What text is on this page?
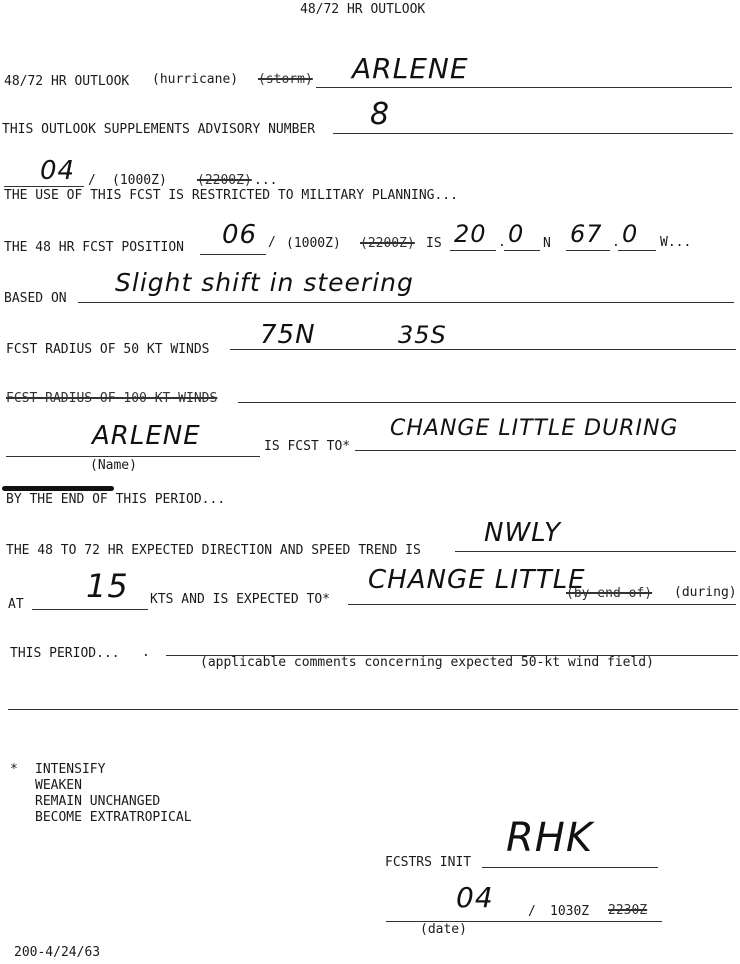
48/72 HR OUTLOOK
48/72 HR OUTLOOK (hurricane) (storm) ARLENE
THIS OUTLOOK SUPPLEMENTS ADVISORY NUMBER 8
04 / (1000Z) (2200Z) ...
THE USE OF THIS FCST IS RESTRICTED TO MILITARY PLANNING...
THE 48 HR FCST POSITION 06 / (1000Z) (2200Z) IS 20 . 0 N 67 . 0 W...
BASED ON
Slight shift in steering
FCST RADIUS OF 50 KT WINDS 75N	35S
FCST RADIUS OF 100 KT WINDS
ARLENE
(Name)
IS FCST TO*
CHANGE LITTLE DURING
BY THE END OF THIS PERIOD...
THE 48 TO 72 HR EXPECTED DIRECTION AND SPEED TREND IS
NWLY
AT 15 KTS AND IS EXPECTED TO*
CHANGE LITTLE
(by end of) (during)
THIS PERIOD... .
(applicable comments concerning expected 50-kt wind field)
* INTENSIFY
WEAKEN
REMAIN UNCHANGED
BECOME EXTRATROPICAL
FCSTRS INIT
RHK
04	/ 1030Z 2230Z
(date)
200-4/24/63
